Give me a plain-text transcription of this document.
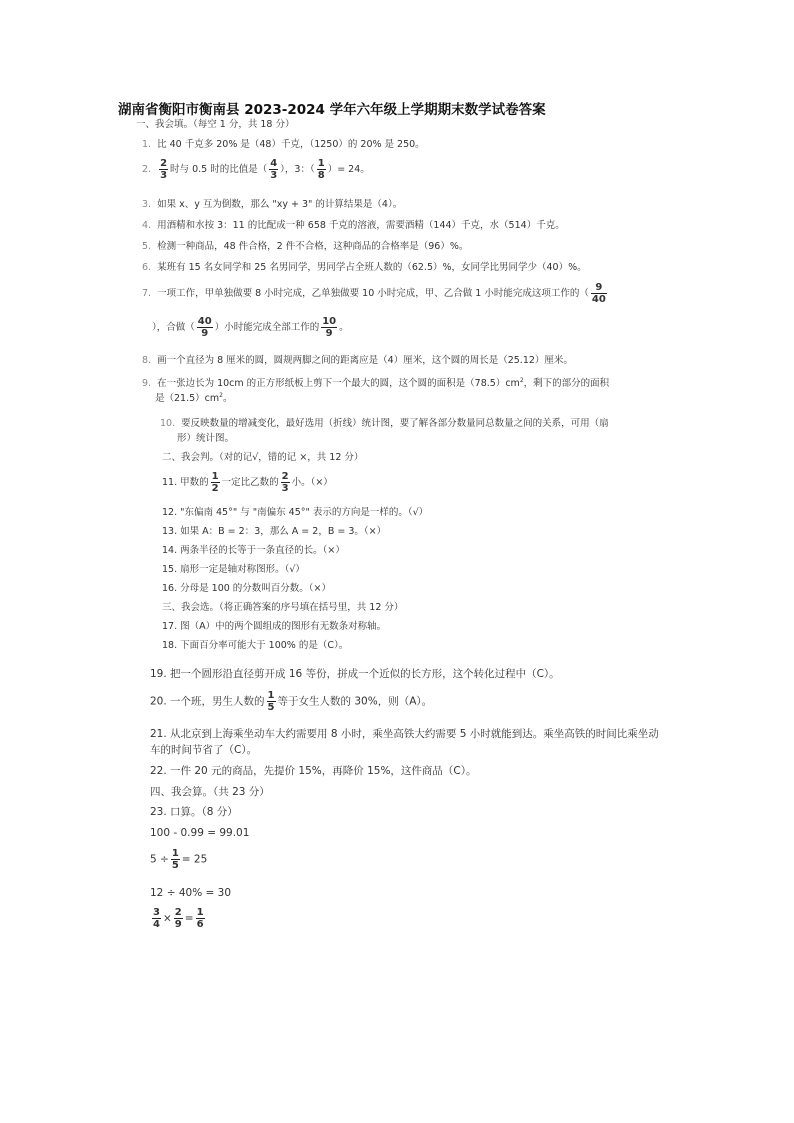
湖南省衡阳市衡南县 2023-2024 学年六年级上学期期末数学试卷答案
一、我会填。（每空 1 分，共 18 分）
1. 比 40 千克多 20% 是（48）千克，（1250）的 20% 是 250。
2. $\frac{2}{3}$ 时与 0.5 时的比值是（ $\frac{4}{3}$ ），3：（ $\frac{1}{8}$ ）= 24。
3. 如果 x、y 互为倒数，那么 "xy + 3" 的计算结果是（4）。
4. 用酒精和水按 3：11 的比配成一种 658 千克的溶液，需要酒精（144）千克，水（514）千克。
5. 检测一种商品，48 件合格，2 件不合格，这种商品的合格率是（96）%。
6. 某班有 15 名女同学和 25 名男同学，男同学占全班人数的（62.5）%，女同学比男同学少（40）%。
7. 一项工作，甲单独做要 8 小时完成，乙单独做要 10 小时完成，甲、乙合做 1 小时能完成这项工作的（ $\frac{9}{40}$
），合做（ $\frac{40}{9}$ ）小时能完成全部工作的 $\frac{10}{9}$ 。
8. 画一个直径为 8 厘米的圆，圆规两脚之间的距离应是（4）厘米，这个圆的周长是（25.12）厘米。
9. 在一张边长为 10cm 的正方形纸板上剪下一个最大的圆，这个圆的面积是$(78.5)cm^2$，剩下的部分的面积
是$(21.5)cm^2$。
10. 要反映数量的增减变化，最好选用（折线）统计图，要了解各部分数量同总数量之间的关系，可用（扇
形）统计图。
二、我会判。（对的记√，错的记 ×，共 12 分）
11. 甲数的 $\frac{1}{2}$ 一定比乙数的 $\frac{2}{3}$ 小。（×）
12. "东偏南 45°" 与 "南偏东 45°" 表示的方向是一样的。（√）
13. 如果 A：B = 2：3，那么 A = 2，B = 3。（×）
14. 两条半径的长等于一条直径的长。（×）
15. 扇形一定是轴对称图形。（√）
16. 分母是 100 的分数叫百分数。（×）
三、我会选。（将正确答案的序号填在括号里，共 12 分）
17. 图（A）中的两个圆组成的图形有无数条对称轴。
18. 下面百分率可能大于 100% 的是（C）。
19. 把一个圆形沿直径剪开成 16 等份，拼成一个近似的长方形，这个转化过程中（C）。
20. 一个班，男生人数的 $\frac{1}{5}$ 等于女生人数的 30%，则（A）。
21. 从北京到上海乘坐动车大约需要用 8 小时，乘坐高铁大约需要 5 小时就能到达。乘坐高铁的时间比乘坐动
车的时间节省了（C）。
22. 一件 20 元的商品，先提价 15%，再降价 15%，这件商品（C）。
四、我会算。（共 23 分）
23. 口算。（8 分）
100 - 0.99 = 99.01
$5 \div \frac{1}{5} = 25$
12 ÷ 40% = 30
$\frac{3}{4} \times \frac{2}{9} = \frac{1}{6}$
